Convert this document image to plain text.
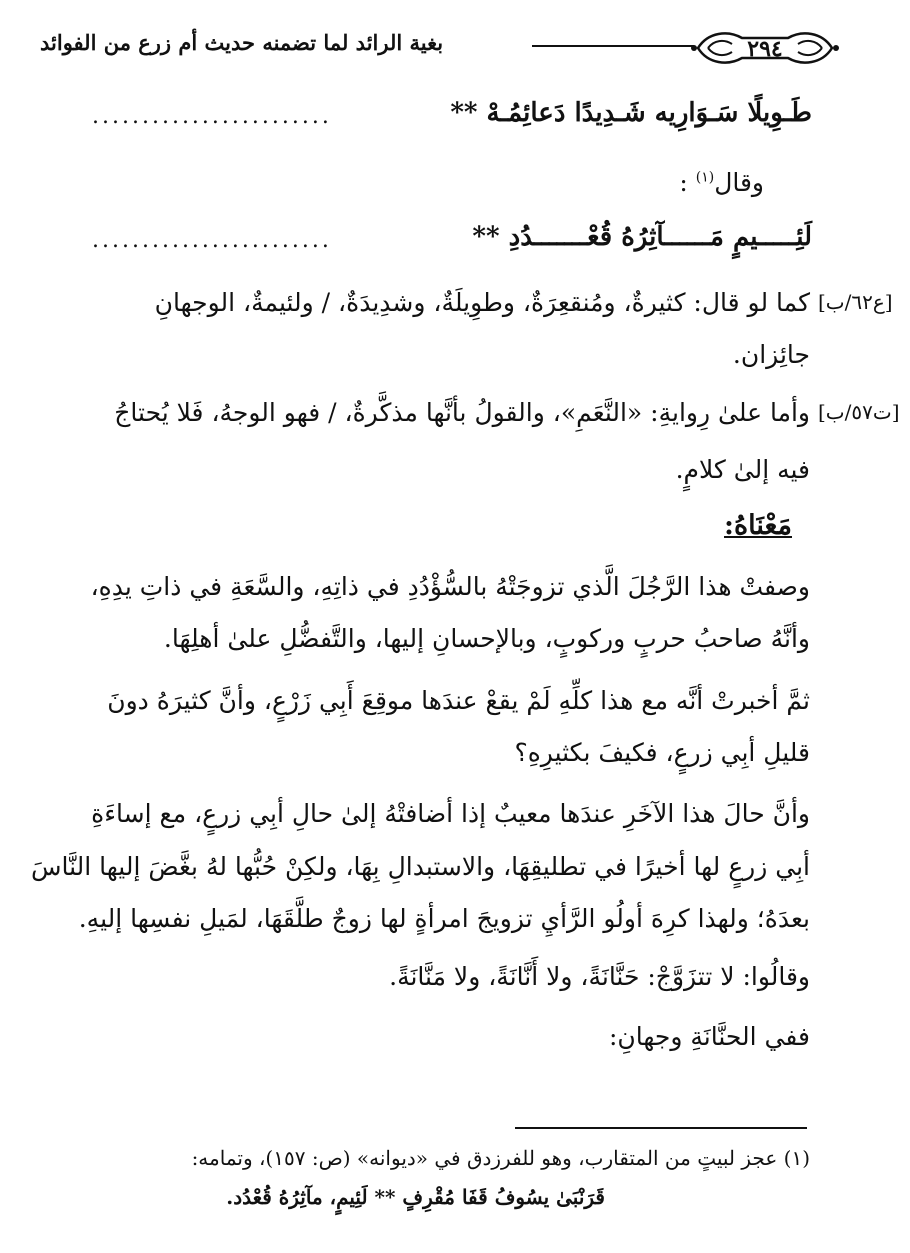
بغية الرائد لما تضمنه حديث أم زرع من الفوائد	٢٩٤
طَـوِيلًا سَـوَارِيه شَـدِيدًا دَعائِمُـهْ **
........................
وقال$^{(١)}$ :
لَئِـــــيمٍ مَــــــآثِرُهُ قُعْـــــــدُدِ **
........................
[ع٦٢/ب]
كما لو قال: كثيرةٌ، ومُنقعِرَةٌ، وطوِيلَةٌ، وشدِيدَةٌ، / ولئيمةٌ، الوجهانِ
جائِزان.
[ت٥٧/ب]
وأما علىٰ رِوايةِ: «النَّعَمِ»، والقولُ بأنَّها مذكَّرةٌ، / فهو الوجهُ، فَلا يُحتاجُ
فيه إلىٰ كلامٍ.
مَعْنَاهُ:
وصفتْ هذا الرَّجُلَ الَّذي تزوجَتْهُ بالسُّؤْدُدِ في ذاتِهِ، والسَّعَةِ في ذاتِ يدِهِ،
وأنَّهُ صاحبُ حربٍ وركوبٍ، وبالإحسانِ إليها، والتَّفضُّلِ علىٰ أهلِهَا.
ثمَّ أخبرتْ أنَّه مع هذا كلِّهِ لَمْ يقعْ عندَها موقِعَ أَبِي زَرْعٍ، وأنَّ كثيرَهُ دونَ
قليلِ أبِي زرعٍ، فكيفَ بكثيرِهِ؟
وأنَّ حالَ هذا الآخَرِ عندَها معيبٌ إذا أضافتْهُ إلىٰ حالِ أبِي زرعٍ، مع إساءَةِ
أبِي زرعٍ لها أخيرًا في تطليقِهَا، والاستبدالِ بِهَا، ولكِنْ حُبُّها لهُ بغَّضَ إليها النَّاسَ
بعدَهُ؛ ولهذا كرِهَ أولُو الرَّأيِ تزويجَ امرأةٍ لها زوجٌ طلَّقَهَا، لمَيلِ نفسِها إليهِ.
وقالُوا: لا تتزَوَّجْ: حَنَّانَةً، ولا أَنَّانَةً، ولا مَنَّانَةً.
ففي الحنَّانَةِ وجهانِ:
(١) عجز لبيتٍ من المتقارب، وهو للفرزدق في «ديوانه» (ص: ١٥٧)، وتمامه:
قَرَنْبَىٰ يسُوفُ قَفَا مُقْرِفٍ ** لَئِيمٍ، مآثِرُهُ قُعْدُد.
